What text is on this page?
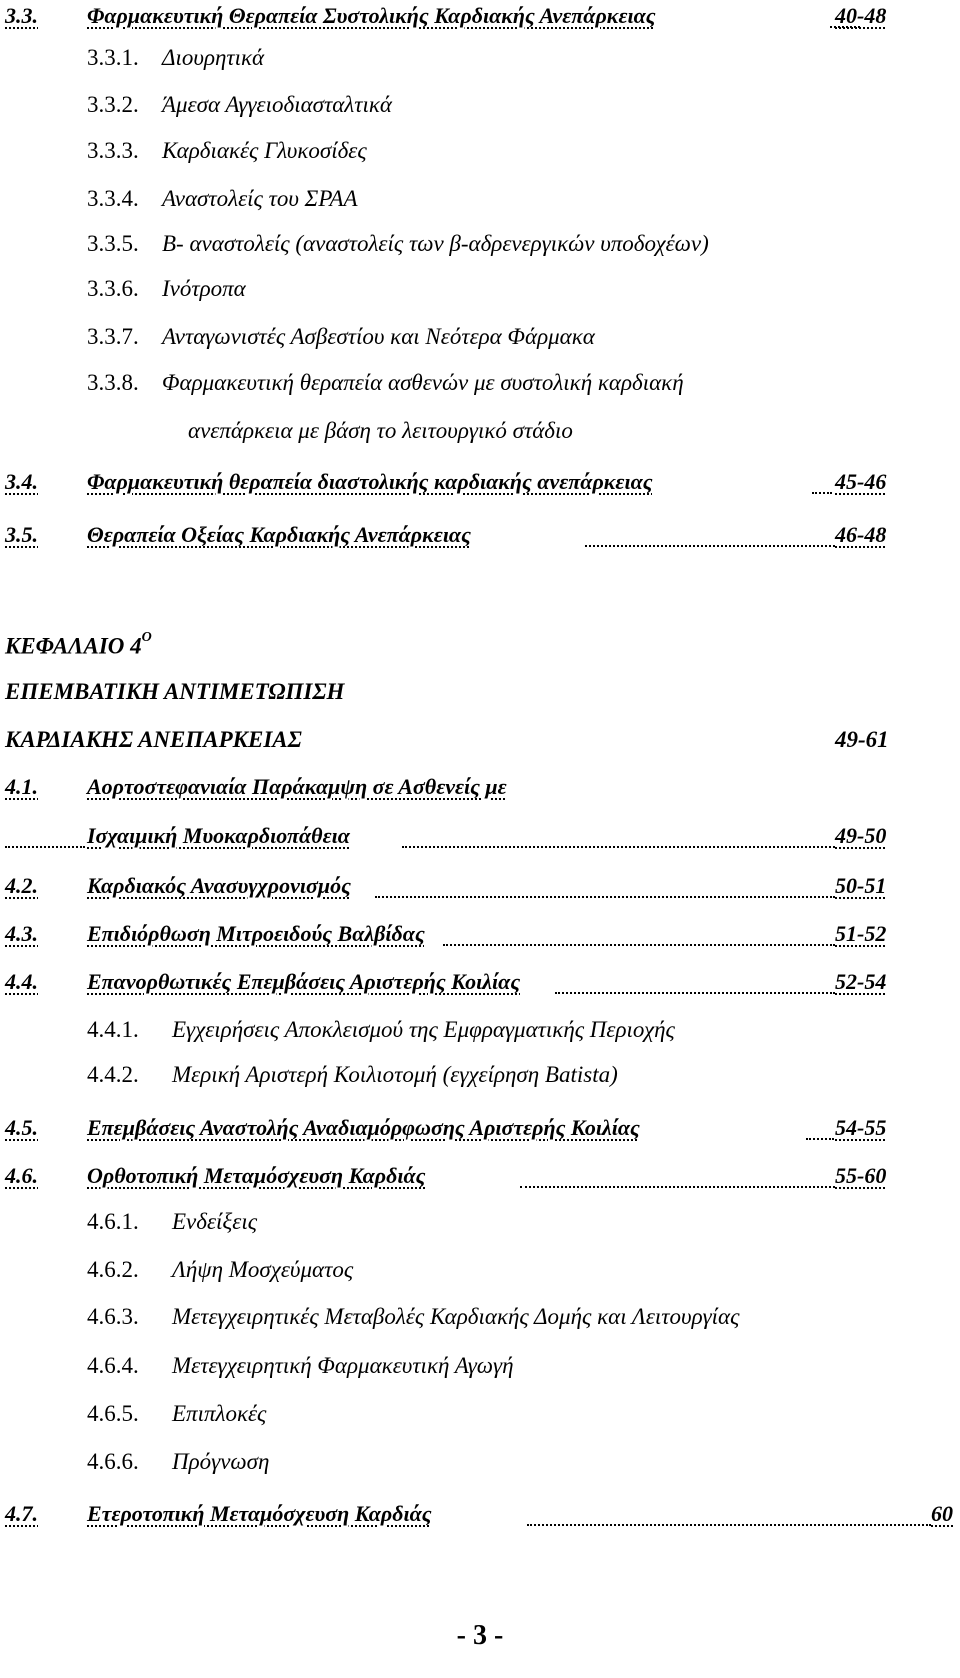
3.3. Φαρμακευτική Θεραπεία Συστολικής Καρδιακής Ανεπάρκειας	40-48
3.3.1. Διουρητικά
3.3.2. Άμεσα Αγγειοδιασταλτικά
3.3.3. Καρδιακές Γλυκοσίδες
3.3.4. Αναστολείς του ΣΡΑΑ
3.3.5. Β- αναστολείς (αναστολείς των β-αδρενεργικών υποδοχέων)
3.3.6. Ινότροπα
3.3.7. Ανταγωνιστές Ασβεστίου και Νεότερα Φάρμακα
3.3.8. Φαρμακευτική θεραπεία ασθενών με συστολική καρδιακή
ανεπάρκεια με βάση το λειτουργικό στάδιο
3.4. Φαρμακευτική θεραπεία διαστολικής καρδιακής ανεπάρκειας	45-46
3.5. Θεραπεία Οξείας Καρδιακής Ανεπάρκειας	46-48
ΚΕΦΑΛΑΙΟ $4^O$
ΕΠΕΜΒΑΤΙΚΗ ΑΝΤΙΜΕΤΩΠΙΣΗ
ΚΑΡΔΙΑΚΗΣ ΑΝΕΠΑΡΚΕΙΑΣ	49-61
4.1. Αορτοστεφανιαία Παράκαμψη σε Ασθενείς με
Ισχαιμική Μυοκαρδιοπάθεια	49-50
4.2. Καρδιακός Ανασυγχρονισμός	50-51
4.3. Επιδιόρθωση Μιτροειδούς Βαλβίδας	51-52
4.4. Επανορθωτικές Επεμβάσεις Αριστερής Κοιλίας	52-54
4.4.1. Εγχειρήσεις Αποκλεισμού της Εμφραγματικής Περιοχής
4.4.2. Μερική Αριστερή Κοιλιοτομή (εγχείρηση Batista)
4.5. Επεμβάσεις Αναστολής Αναδιαμόρφωσης Αριστερής Κοιλίας	54-55
4.6. Ορθοτοπική Μεταμόσχευση Καρδιάς	55-60
4.6.1. Ενδείξεις
4.6.2. Λήψη Μοσχεύματος
4.6.3. Μετεγχειρητικές Μεταβολές Καρδιακής Δομής και Λειτουργίας
4.6.4. Μετεγχειρητική Φαρμακευτική Αγωγή
4.6.5. Επιπλοκές
4.6.6. Πρόγνωση
4.7. Ετεροτοπική Μεταμόσχευση Καρδιάς	60
- 3 -
